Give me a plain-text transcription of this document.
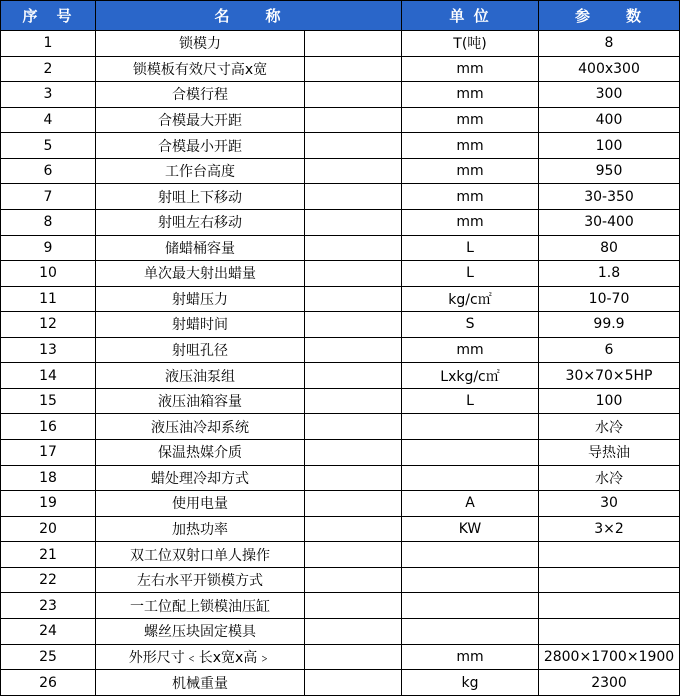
序　号	名　　称		单 位	参　　数
1	锁模力		T(吨)	8
2	锁模板有效尺寸高x宽		mm	400x300
3	合模行程		mm	300
4	合模最大开距		mm	400
5	合模最小开距		mm	100
6	工作台高度		mm	950
7	射咀上下移动		mm	30-350
8	射咀左右移动		mm	30-400
9	储蜡桶容量		L	80
10	单次最大射出蜡量		L	1.8
11	射蜡压力		kg/c㎡	10-70
12	射蜡时间		S	99.9
13	射咀孔径		mm	6
14	液压油泵组		Lxkg/c㎡	30×70×5HP
15	液压油箱容量		L	100
16	液压油冷却系统			水冷
17	保温热媒介质			导热油
18	蜡处理冷却方式			水冷
19	使用电量		A	30
20	加热功率		KW	3×2
21	双工位双射口单人操作			
22	左右水平开锁模方式			
23	一工位配上锁模油压缸			
24	螺丝压块固定模具			
25	外形尺寸﹤长x宽x高﹥		mm	2800×1700×1900
26	机械重量		kg	2300
